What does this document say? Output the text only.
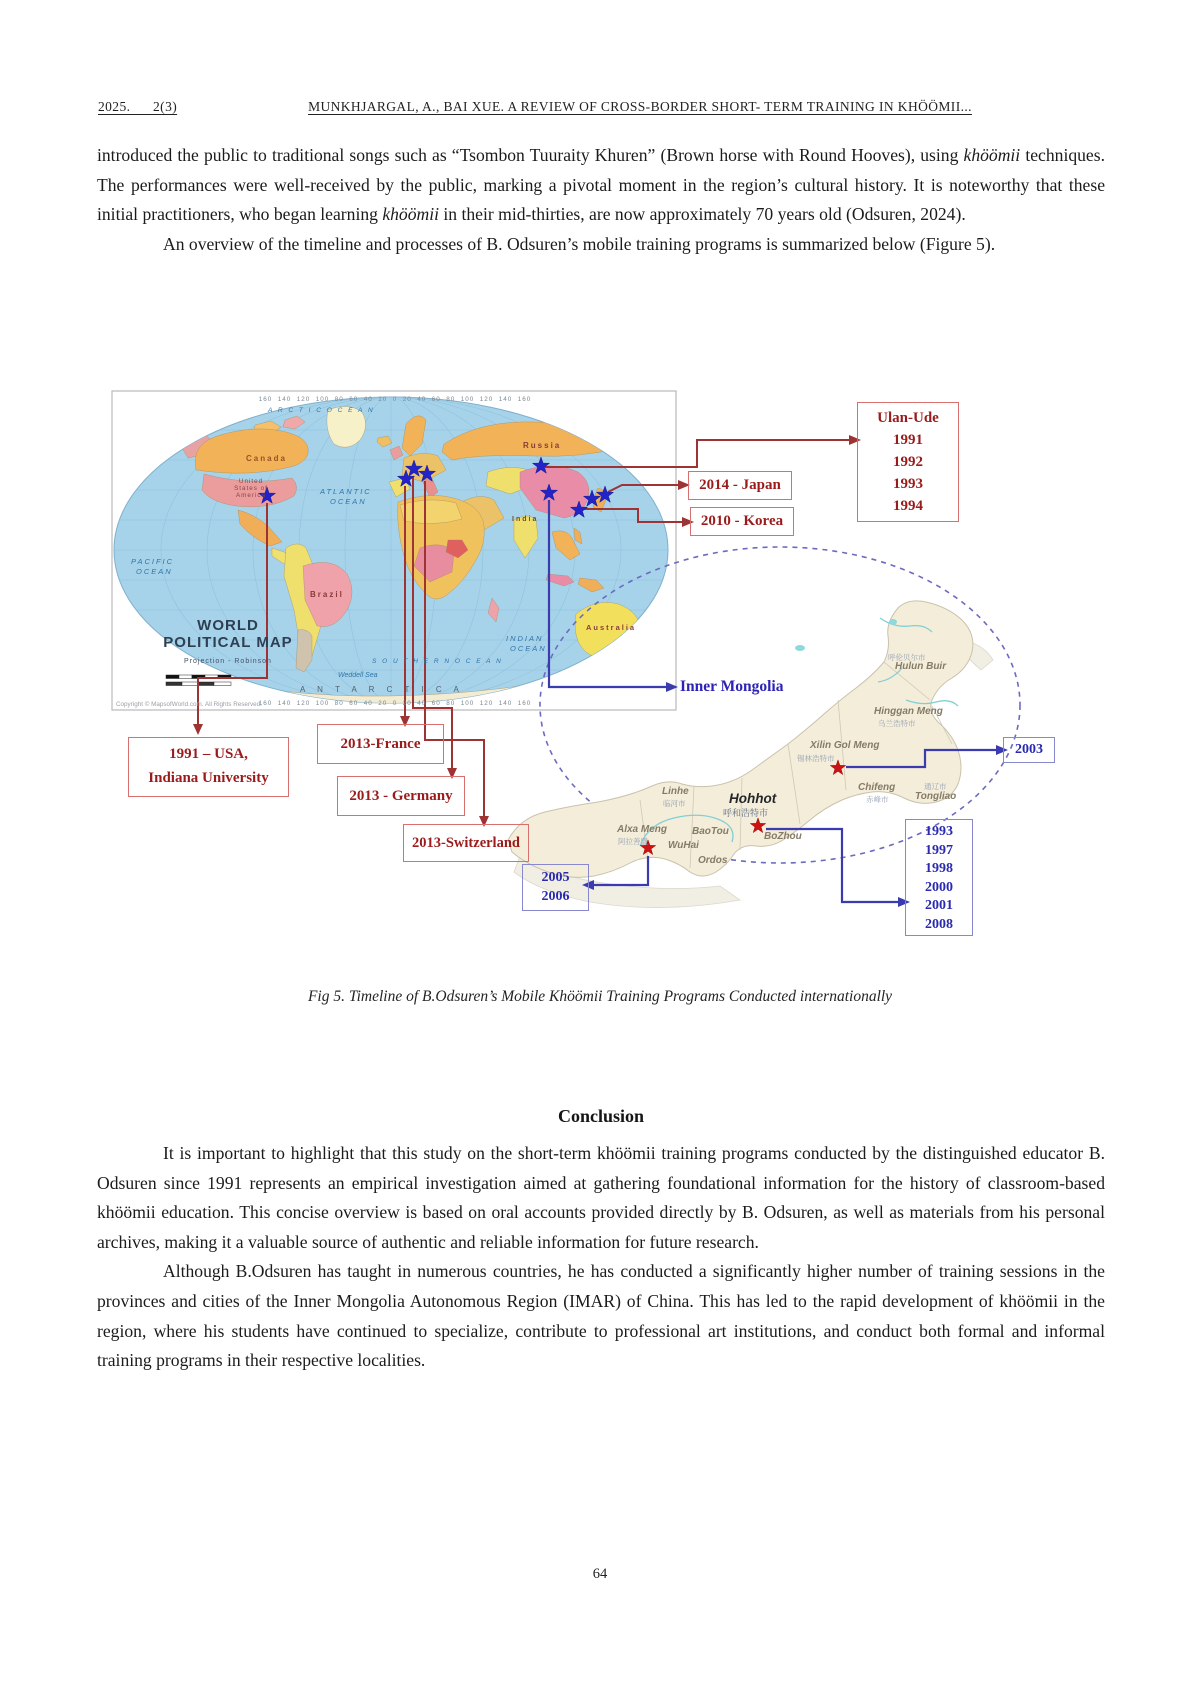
2025.      2(3)	MUNKHJARGAL, A., BAI XUE. A REVIEW OF CROSS-BORDER SHORT- TERM TRAINING IN KHÖÖMII...

introduced the public to traditional songs such as “Tsombon Tuuraity Khuren” (Brown horse with Round Hooves), using khöömii techniques. The performances were well-received by the public, marking a pivotal moment in the region’s cultural history. It is noteworthy that these initial practitioners, who began learning khöömii in their mid-thirties, are now approximately 70 years old (Odsuren, 2024).

An overview of the timeline and processes of B. Odsuren’s mobile training programs is summarized below (Figure 5).

160  140  120  100  80  60  40  20  0  20  40  60  80  100  120  140  160
A R C T I C O C E A N
Canada
United States of America
Russia
ATLANTIC
OCEAN
PACIFIC
OCEAN
INDIAN
OCEAN
Brazil
India
Australia
WORLD
POLITICAL MAP
Projection - Robinson	S O U T H E R N O C E A N
Weddell Sea
A N T A R C T I C A
160  140  120  100  80  60  40  20  0  20  40  60  80  100  120  140  160
Copyright © MapsofWorld.com. All Rights Reserved.
Ulan-Ude
1991
1992
1993
1994
2014 - Japan
2010 - Korea
1991 – USA,
Indiana University
2013-France
2013 - Germany
2013-Switzerland
Inner Mongolia
2003
1993
1997
1998
2000
2001
2008
2005
2006
呼伦贝尔市
Hulun Buir
Hinggan Meng
乌兰浩特市
Xilin Gol Meng
锡林浩特市
Chifeng
赤峰市
通辽市
Tongliao
Linhe
临河市	Hohhot
呼和浩特市
BaoTou	BoZhou
WuHai
Ordos
Alxa Meng
阿拉善盟
Fig 5. Timeline of B.Odsuren’s Mobile Khöömii Training Programs Conducted internationally
Conclusion

It is important to highlight that this study on the short-term khöömii training programs conducted by the distinguished educator B. Odsuren since 1991 represents an empirical investigation aimed at gathering foundational information for the history of classroom-based khöömii education. This concise overview is based on oral accounts provided directly by B. Odsuren, as well as materials from his personal archives, making it a valuable source of authentic and reliable information for future research.

Although B.Odsuren has taught in numerous countries, he has conducted a significantly higher number of training sessions in the provinces and cities of the Inner Mongolia Autonomous Region (IMAR) of China. This has led to the rapid development of khöömii in the region, where his students have continued to specialize, contribute to professional art institutions, and conduct both formal and informal training programs in their respective localities.

64
